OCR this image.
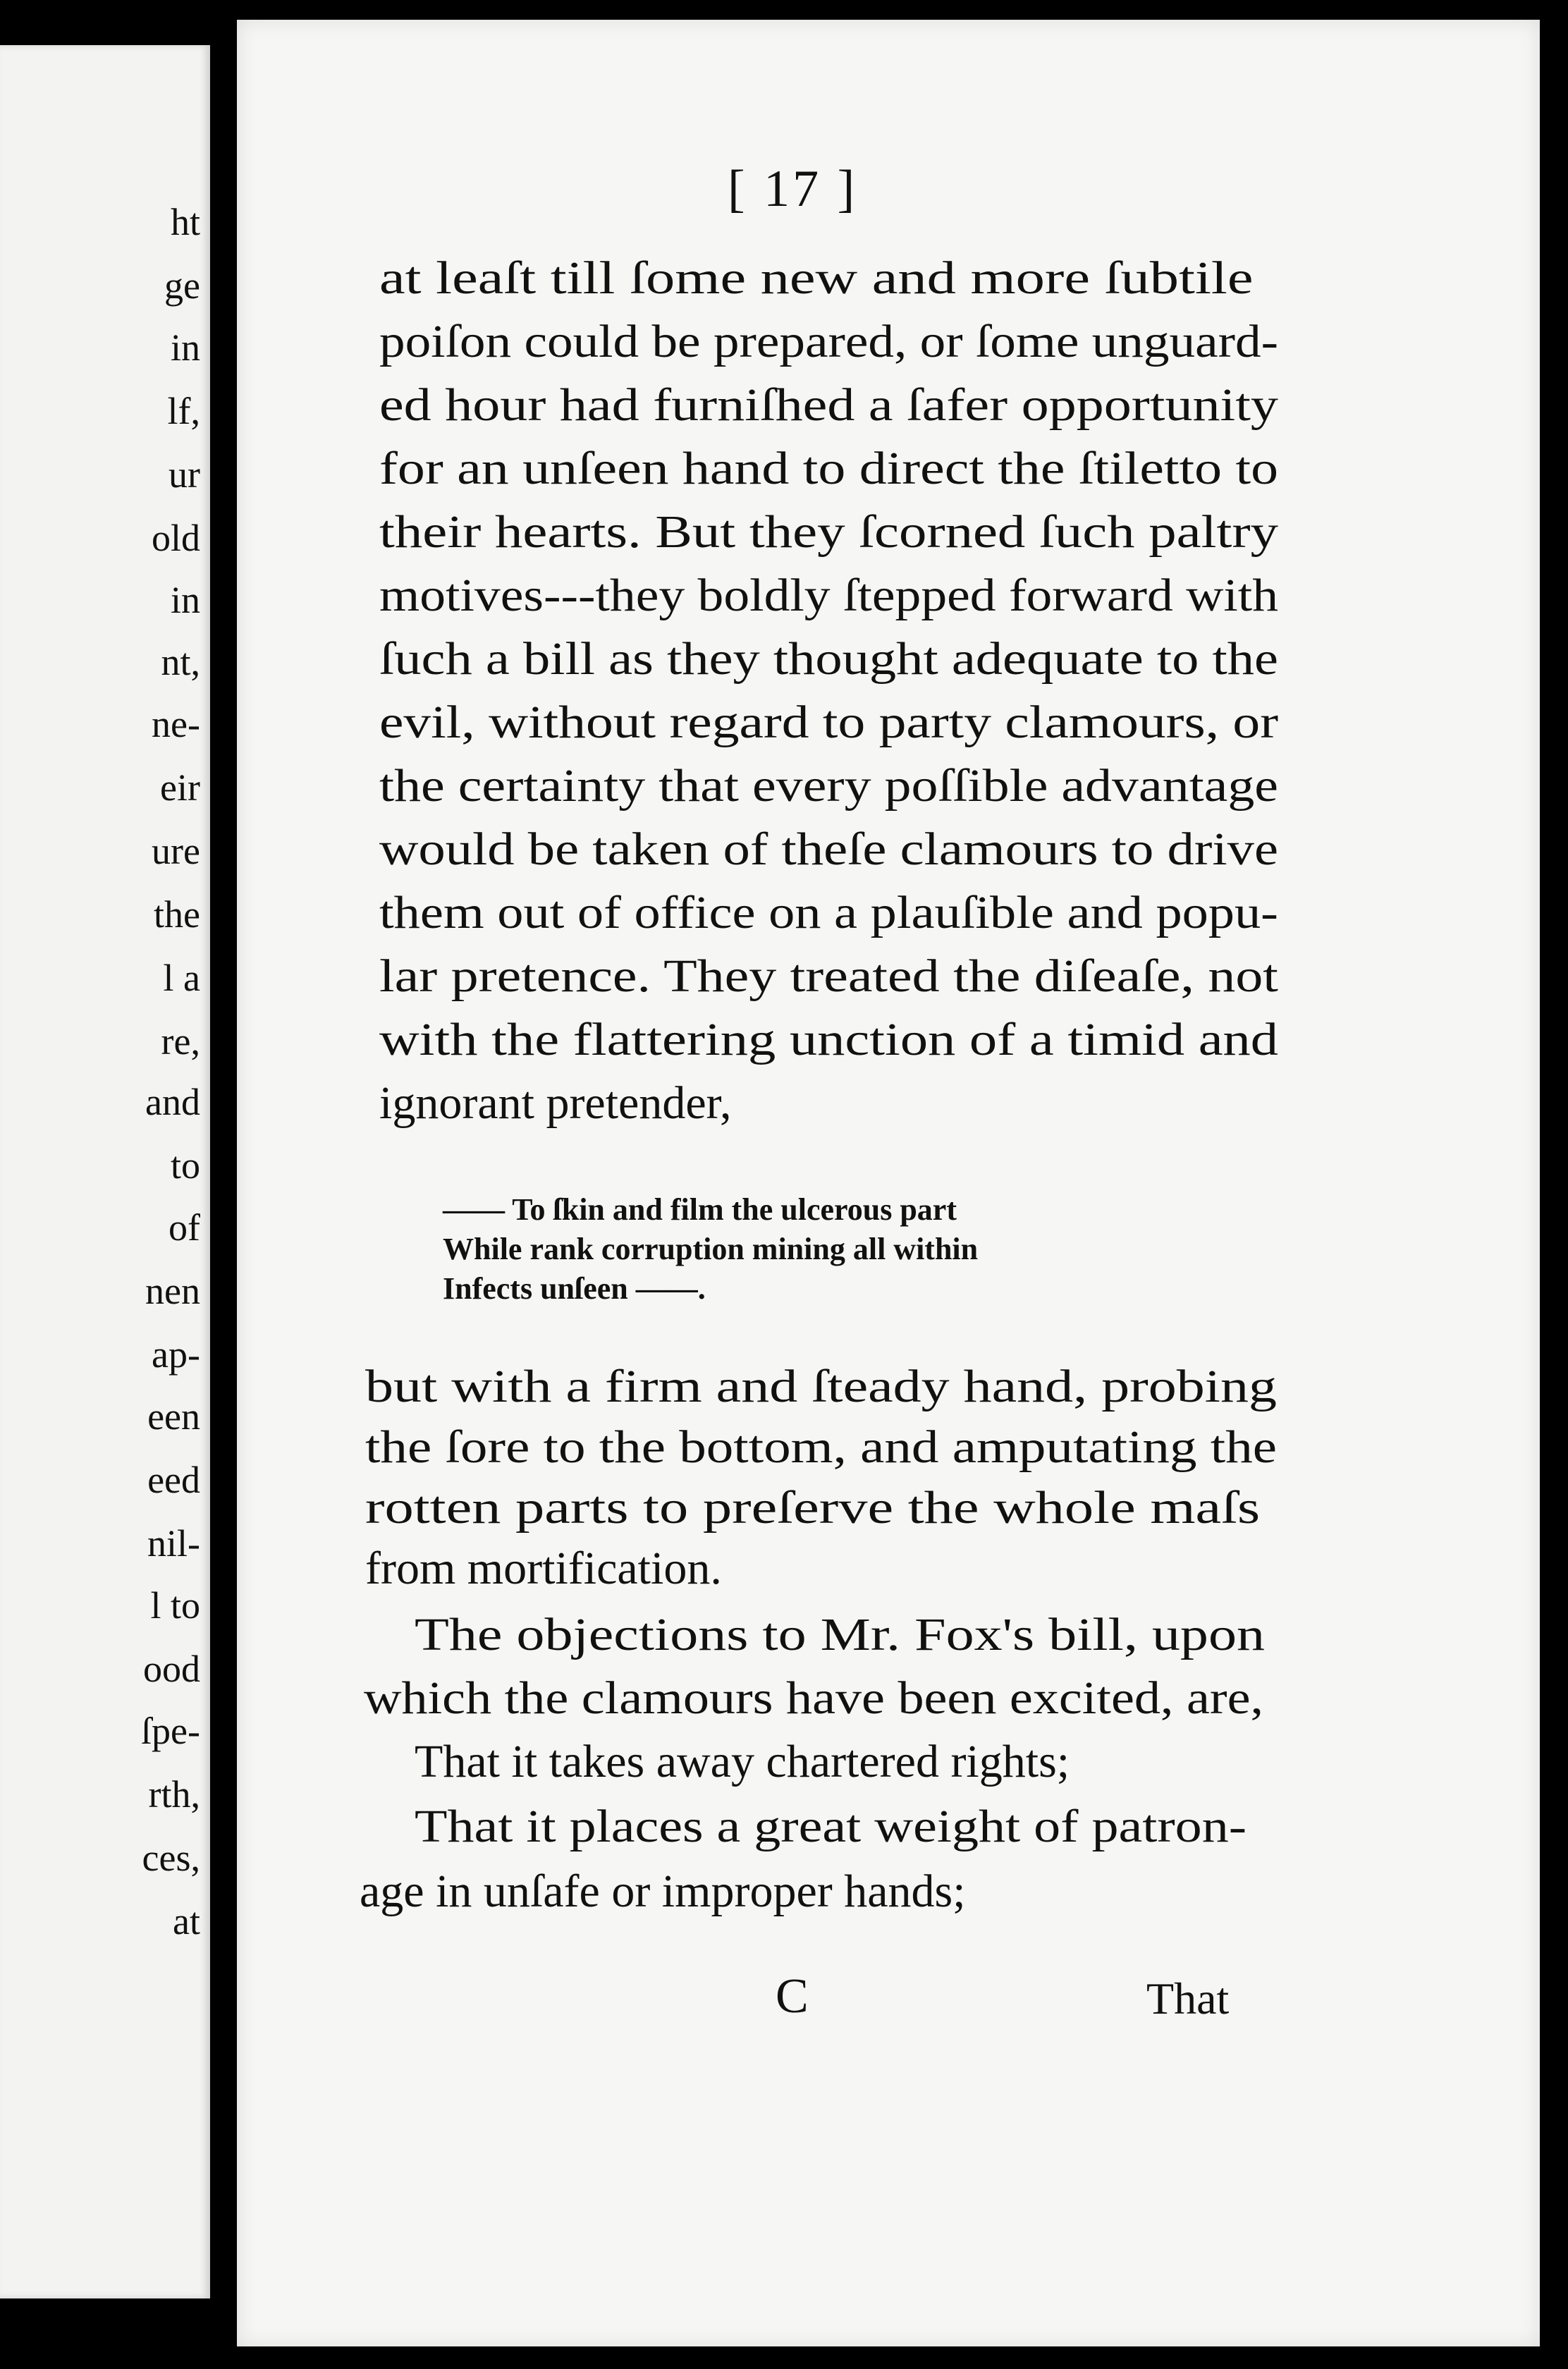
ht
ge
in
lf,
ur
old
in
nt,
ne-
eir
ure
the
l a
re,
and
to
of
nen
ap-
een
eed
nil-
l to
ood
ſpe-
rth,
ces,
at
[ 17 ]
at leaſt till ſome new and more ſubtile
poiſon could be prepared, or ſome unguard-
ed hour had furniſhed a ſafer opportunity
for an unſeen hand to direct the ſtiletto to
their hearts. But they ſcorned ſuch paltry
motives---they boldly ſtepped forward with
ſuch a bill as they thought adequate to the
evil, without regard to party clamours, or
the certainty that every poſſible advantage
would be taken of theſe clamours to drive
them out of office on a plauſible and popu-
lar pretence. They treated the diſeaſe, not
with the flattering unction of a timid and
ignorant pretender,
—— To ſkin and film the ulcerous part
While rank corruption mining all within
Infects unſeen ——.
but with a firm and ſteady hand, probing
the ſore to the bottom, and amputating the
rotten parts to preſerve the whole maſs
from mortification.
The objections to Mr. Fox's bill, upon
which the clamours have been excited, are,
That it takes away chartered rights;
That it places a great weight of patron-
age in unſafe or improper hands;
C	That
